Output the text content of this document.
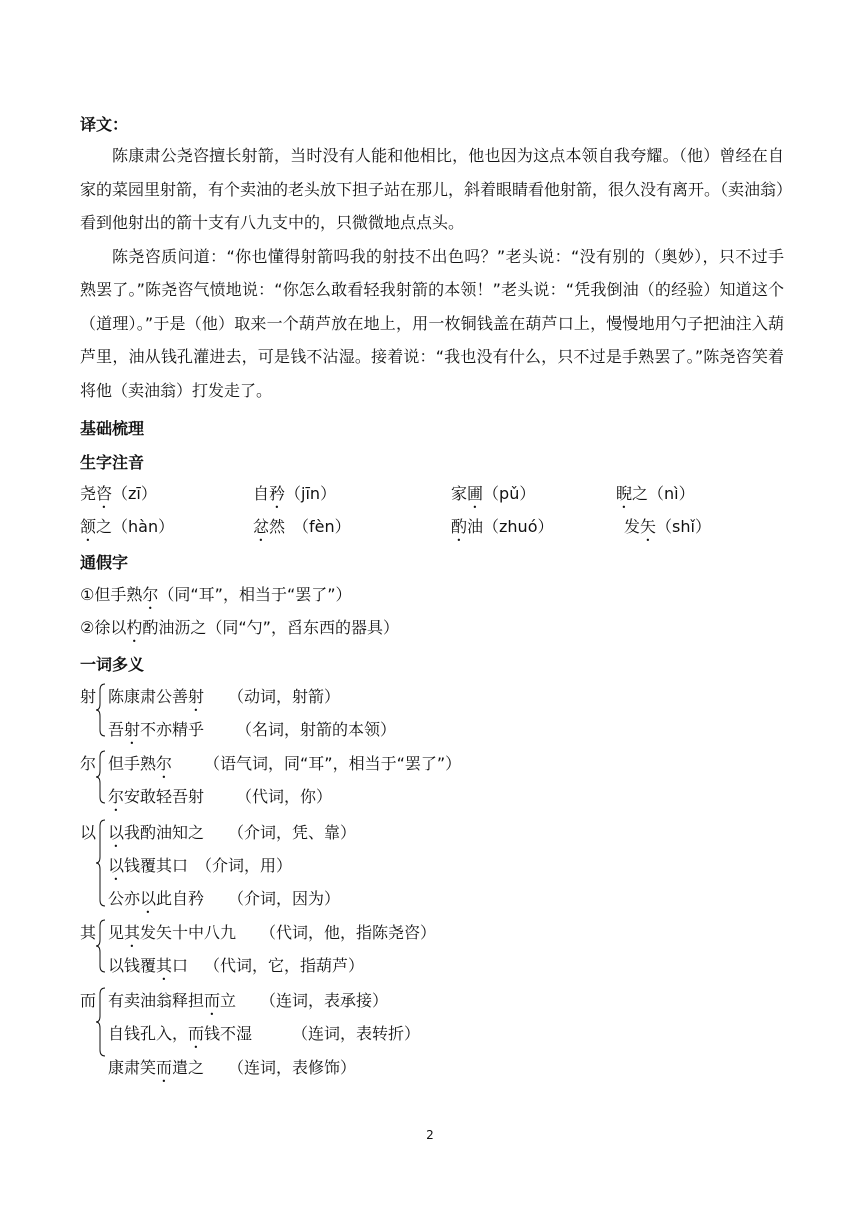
译文：

陈康肃公尧咨擅长射箭，当时没有人能和他相比，他也因为这点本领自我夸耀。（他）曾经在自家的菜园里射箭，有个卖油的老头放下担子站在那儿，斜着眼睛看他射箭，很久没有离开。（卖油翁）看到他射出的箭十支有八九支中的，只微微地点点头。

陈尧咨质问道：“你也懂得射箭吗我的射技不出色吗？”老头说：“没有别的（奥妙），只不过手熟罢了。”陈尧咨气愤地说：“你怎么敢看轻我射箭的本领！”老头说：“凭我倒油（的经验）知道这个（道理）。”于是（他）取来一个葫芦放在地上，用一枚铜钱盖在葫芦口上，慢慢地用勺子把油注入葫芦里，油从钱孔灌进去，可是钱不沾湿。接着说：“我也没有什么，只不过是手熟罢了。”陈尧咨笑着将他（卖油翁）打发走了。

基础梳理
生字注音
尧咨（zī）	自矜（jīn）	家圃（pǔ）	睨之（nì）
颔之（hàn）	忿然　（fèn）	酌油（zhuó）	发矢（shǐ）
通假字
①但手熟尔（同“耳”，相当于“罢了”）
②徐以杓酌油沥之（同“勺”，舀东西的器具）
一词多义
射 陈康肃公善射 （动词，射箭）
吾射不亦精乎 （名词，射箭的本领）
尔 但手熟尔 （语气词，同“耳”，相当于“罢了”）
尔安敢轻吾射 （代词，你）
以 以我酌油知之 （介词，凭、靠）
以钱覆其口 （介词，用）
公亦以此自矜 （介词，因为）
其 见其发矢十中八九 （代词，他，指陈尧咨）
以钱覆其口 （代词，它，指葫芦）
而 有卖油翁释担而立 （连词，表承接）
自钱孔入，而钱不湿 （连词，表转折）
康肃笑而遣之 （连词，表修饰）
2
